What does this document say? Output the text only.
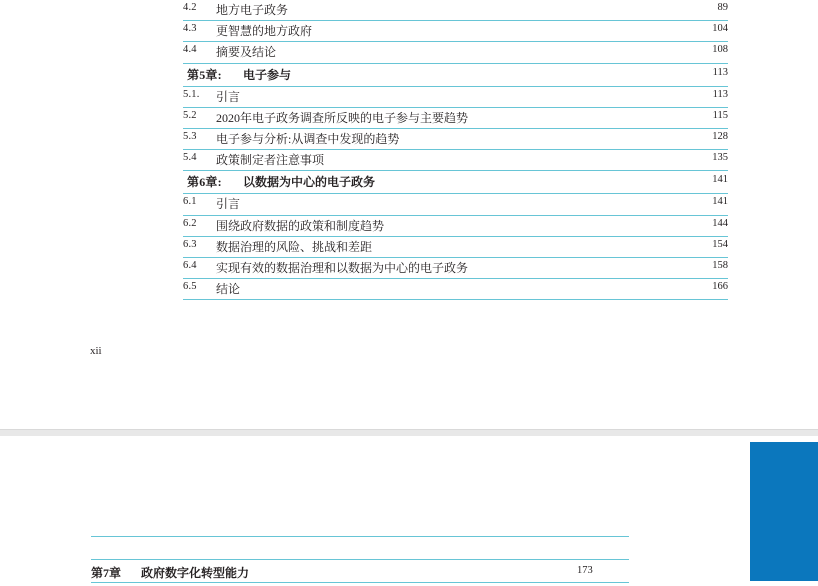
4.2 地方电子政务	89
4.3 更智慧的地方政府	104
4.4 摘要及结论	108
第5章: 电子参与	113
5.1. 引言	113
5.2 2020年电子政务调查所反映的电子参与主要趋势	115
5.3 电子参与分析:从调查中发现的趋势	128
5.4 政策制定者注意事项	135
第6章: 以数据为中心的电子政务	141
6.1 引言	141
6.2 围绕政府数据的政策和制度趋势	144
6.3 数据治理的风险、挑战和差距	154
6.4 实现有效的数据治理和以数据为中心的电子政务	158
6.5 结论	166
xii
第7章 政府数字化转型能力	173
